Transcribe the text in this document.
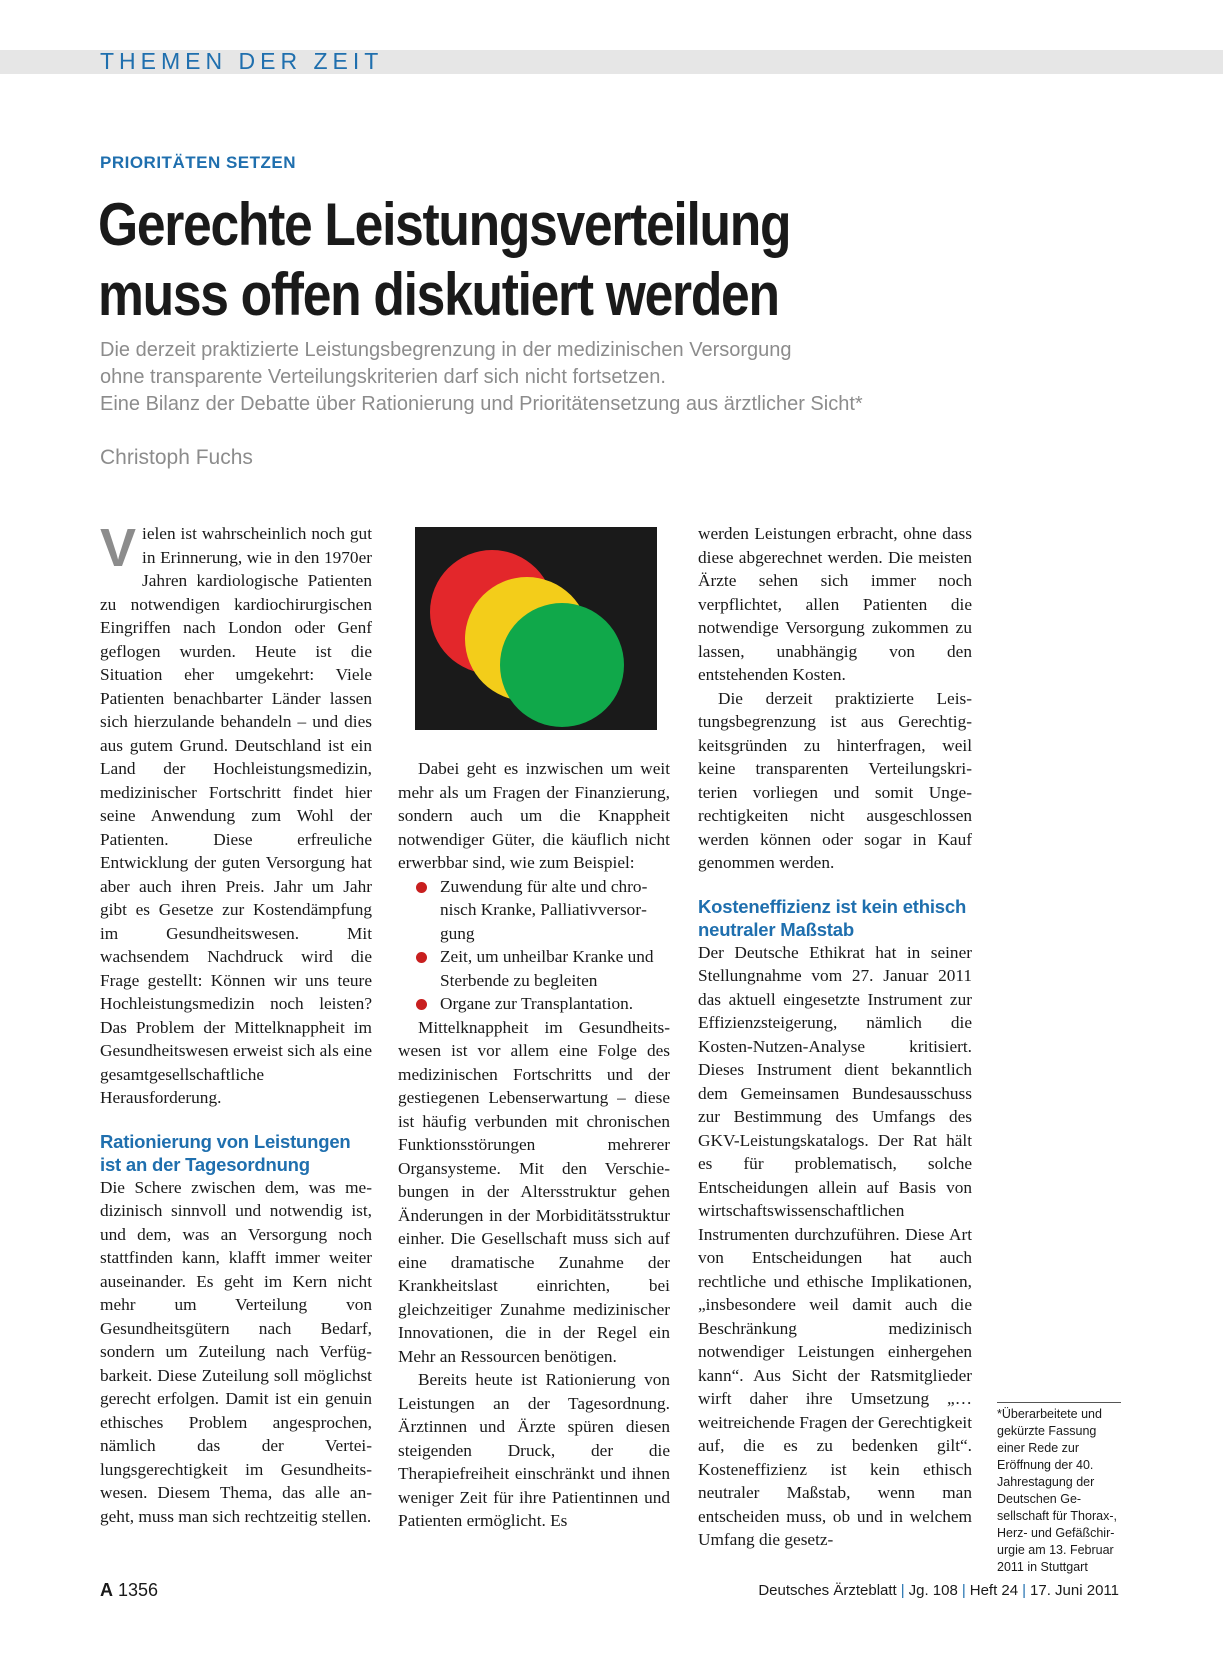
THEMEN DER ZEIT
PRIORITÄTEN SETZEN
Gerechte Leistungsverteilung
muss offen diskutiert werden
Die derzeit praktizierte Leistungsbegrenzung in der medizinischen Versorgung
ohne transparente Verteilungskriterien darf sich nicht fortsetzen.
Eine Bilanz der Debatte über Rationierung und Prioritätensetzung aus ärztlicher Sicht*
Christoph Fuchs

Vielen ist wahrscheinlich noch gut in Erinnerung, wie in den 1970er Jahren kardiologische Patienten zu notwendigen kardiochirurgischen Eingriffen nach London oder Genf geflogen wurden. Heute ist die Situation eher umgekehrt: Viele Patienten benachbarter Länder lassen sich hierzulande behandeln – und dies aus gutem Grund. Deutschland ist ein Land der Hochleistungsmedizin, medizinischer Fortschritt findet hier seine Anwendung zum Wohl der Patienten. Diese erfreuliche Entwicklung der guten Versorgung hat aber auch ihren Preis. Jahr um Jahr gibt es Gesetze zur Kostendämpfung im Gesundheitswesen. Mit wachsendem Nachdruck wird die Frage gestellt: Können wir uns teure Hochleistungsmedizin noch leisten? Das Problem der Mittelknappheit im Gesundheitswesen erweist sich als eine gesamtgesellschaftliche Herausforderung.

Rationierung von Leistungen ist an der Tagesordnung

Die Schere zwischen dem, was medizinisch sinnvoll und notwendig ist, und dem, was an Versorgung noch stattfinden kann, klafft immer weiter auseinander. Es geht im Kern nicht mehr um Verteilung von Gesundheitsgütern nach Bedarf, sondern um Zuteilung nach Verfügbarkeit. Diese Zuteilung soll möglichst gerecht erfolgen. Damit ist ein genuin ethisches Problem angesprochen, nämlich das der Verteilungsgerechtigkeit im Gesundheitswesen. Diesem Thema, das alle angeht, muss man sich rechtzeitig stellen.

Dabei geht es inzwischen um weit mehr als um Fragen der Finanzierung, sondern auch um die Knappheit notwendiger Güter, die käuflich nicht erwerbbar sind, wie zum Beispiel:

Zuwendung für alte und chronisch Kranke, Palliativversorgung
Zeit, um unheilbar Kranke und Sterbende zu begleiten
Organe zur Transplantation.

Mittelknappheit im Gesundheitswesen ist vor allem eine Folge des medizinischen Fortschritts und der gestiegenen Lebenserwartung – diese ist häufig verbunden mit chronischen Funktionsstörungen mehrerer Organsysteme. Mit den Verschiebungen in der Altersstruktur gehen Änderungen in der Morbiditätsstruktur einher. Die Gesellschaft muss sich auf eine dramatische Zunahme der Krankheitslast einrichten, bei gleichzeitiger Zunahme medizinischer Innovationen, die in der Regel ein Mehr an Ressourcen benötigen.

Bereits heute ist Rationierung von Leistungen an der Tagesordnung. Ärztinnen und Ärzte spüren diesen steigenden Druck, der die Therapiefreiheit einschränkt und ihnen weniger Zeit für ihre Patientinnen und Patienten ermöglicht. Es

werden Leistungen erbracht, ohne dass diese abgerechnet werden. Die meisten Ärzte sehen sich immer noch verpflichtet, allen Patienten die notwendige Versorgung zukommen zu lassen, unabhängig von den entstehenden Kosten.

Die derzeit praktizierte Leistungsbegrenzung ist aus Gerechtigkeitsgründen zu hinterfragen, weil keine transparenten Verteilungskriterien vorliegen und somit Ungerechtigkeiten nicht ausgeschlossen werden können oder sogar in Kauf genommen werden.

Kosteneffizienz ist kein ethisch neutraler Maßstab

Der Deutsche Ethikrat hat in seiner Stellungnahme vom 27. Januar 2011 das aktuell eingesetzte Instrument zur Effizienzsteigerung, nämlich die Kosten-Nutzen-Analyse kritisiert. Dieses Instrument dient bekanntlich dem Gemeinsamen Bundesausschuss zur Bestimmung des Umfangs des GKV-Leistungskatalogs. Der Rat hält es für problematisch, solche Entscheidungen allein auf Basis von wirtschaftswissenschaftlichen Instrumenten durchzuführen. Diese Art von Entscheidungen hat auch rechtliche und ethische Implikationen, „insbesondere weil damit auch die Beschränkung medizinisch notwendiger Leistungen einhergehen kann“. Aus Sicht der Ratsmitglieder wirft daher ihre Umsetzung „…weitreichende Fragen der Gerechtigkeit auf, die es zu bedenken gilt“. Kosteneffizienz ist kein ethisch neutraler Maßstab, wenn man entscheiden muss, ob und in welchem Umfang die gesetz-

*Überarbeitete und gekürzte Fassung einer Rede zur Eröffnung der 40. Jahrestagung der Deutschen Gesellschaft für Thorax-, Herz- und Gefäßchirurgie am 13. Februar 2011 in Stuttgart
A 1356	Deutsches Ärzteblatt | Jg. 108 | Heft 24 | 17. Juni 2011
